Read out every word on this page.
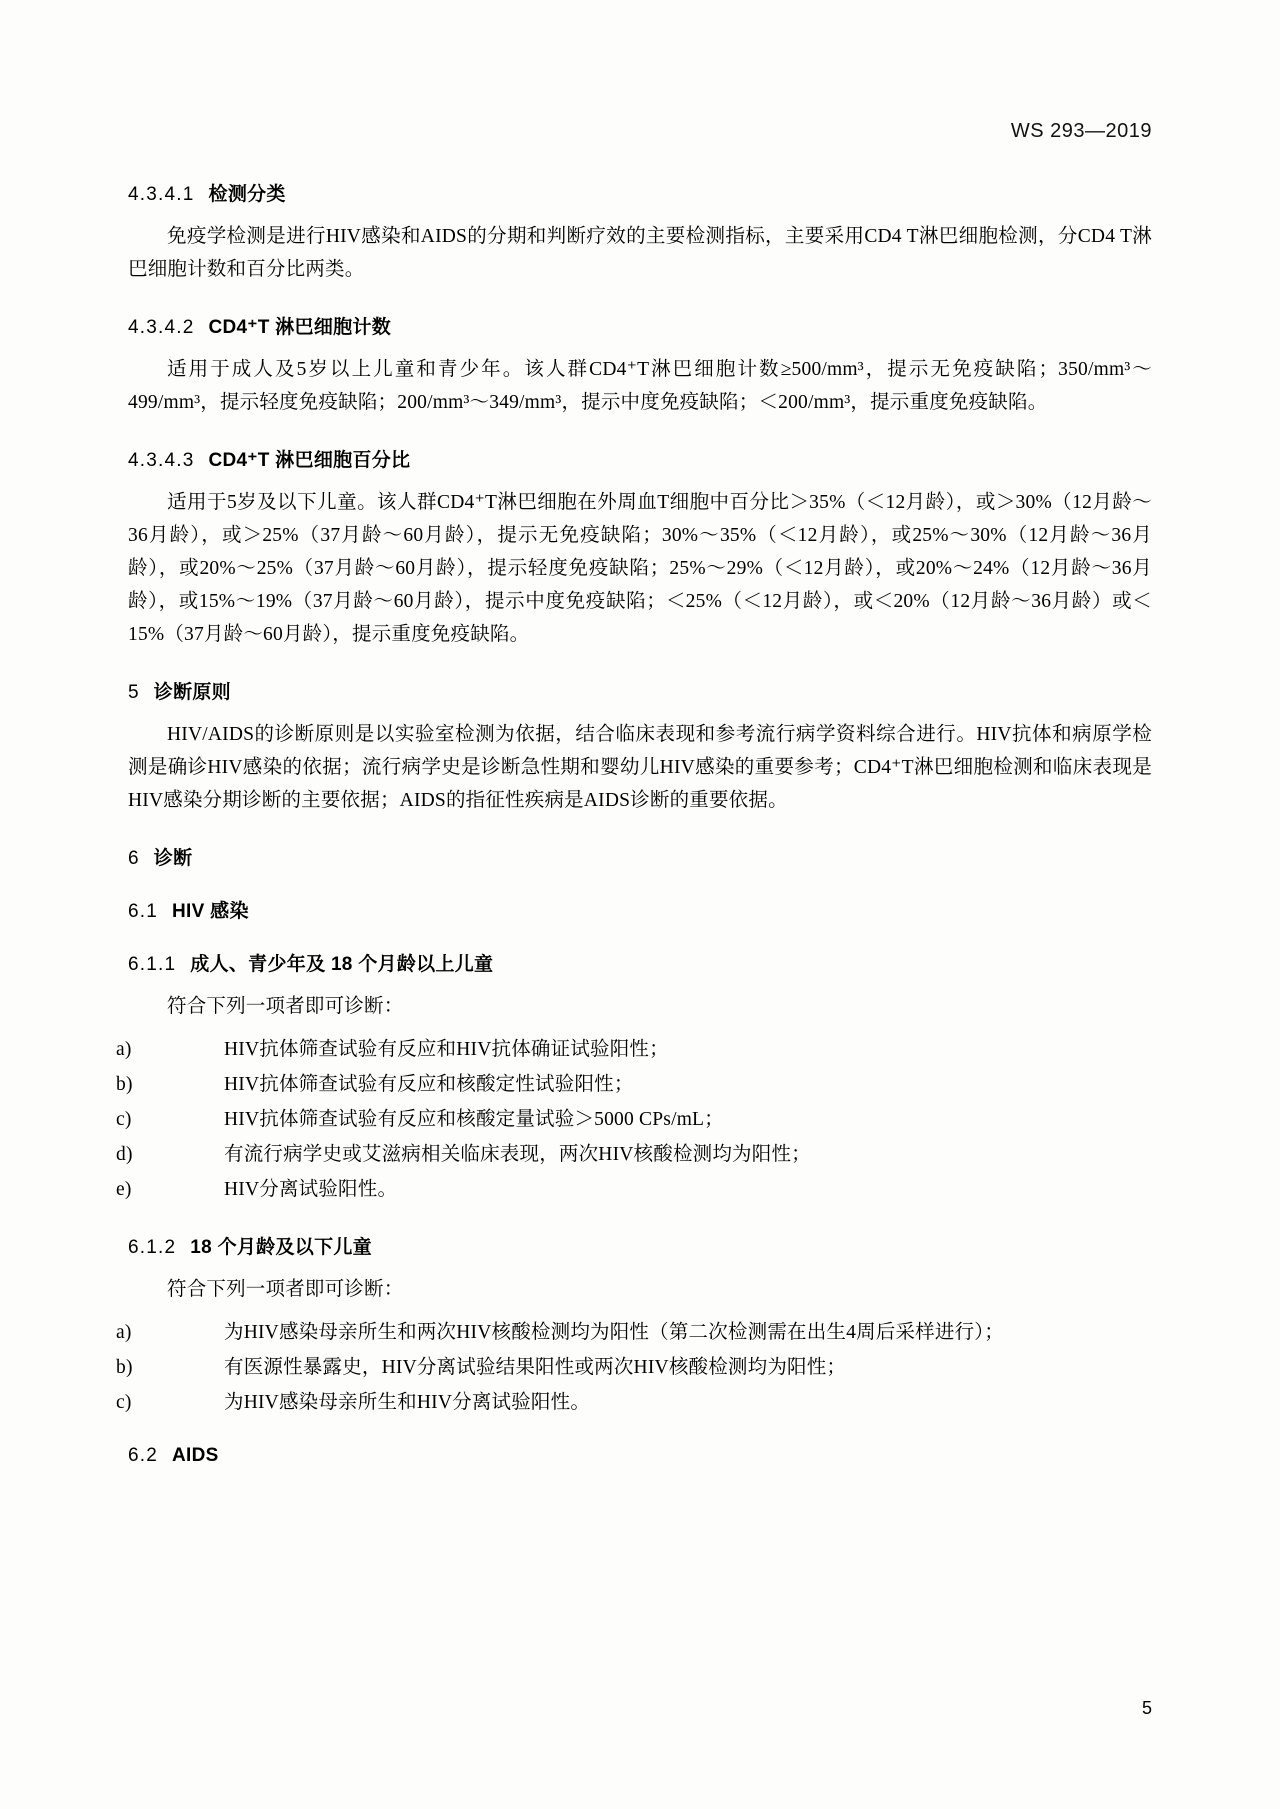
WS 293—2019
4.3.4.1 检测分类

免疫学检测是进行HIV感染和AIDS的分期和判断疗效的主要检测指标，主要采用CD4 T淋巴细胞检测，分CD4 T淋巴细胞计数和百分比两类。

4.3.4.2 CD4⁺T 淋巴细胞计数

适用于成人及5岁以上儿童和青少年。该人群CD4⁺T淋巴细胞计数≥500/mm³，提示无免疫缺陷；350/mm³～499/mm³，提示轻度免疫缺陷；200/mm³～349/mm³，提示中度免疫缺陷；＜200/mm³，提示重度免疫缺陷。

4.3.4.3 CD4⁺T 淋巴细胞百分比

适用于5岁及以下儿童。该人群CD4⁺T淋巴细胞在外周血T细胞中百分比＞35%（＜12月龄），或＞30%（12月龄～36月龄），或＞25%（37月龄～60月龄），提示无免疫缺陷；30%～35%（＜12月龄），或25%～30%（12月龄～36月龄），或20%～25%（37月龄～60月龄），提示轻度免疫缺陷；25%～29%（＜12月龄），或20%～24%（12月龄～36月龄），或15%～19%（37月龄～60月龄），提示中度免疫缺陷；＜25%（＜12月龄），或＜20%（12月龄～36月龄）或＜15%（37月龄～60月龄），提示重度免疫缺陷。

5 诊断原则

HIV/AIDS的诊断原则是以实验室检测为依据，结合临床表现和参考流行病学资料综合进行。HIV抗体和病原学检测是确诊HIV感染的依据；流行病学史是诊断急性期和婴幼儿HIV感染的重要参考；CD4⁺T淋巴细胞检测和临床表现是HIV感染分期诊断的主要依据；AIDS的指征性疾病是AIDS诊断的重要依据。

6 诊断
6.1 HIV 感染
6.1.1 成人、青少年及 18 个月龄以上儿童

符合下列一项者即可诊断：

a)	HIV抗体筛查试验有反应和HIV抗体确证试验阳性；
b)	HIV抗体筛查试验有反应和核酸定性试验阳性；
c)	HIV抗体筛查试验有反应和核酸定量试验＞5000 CPs/mL；
d)	有流行病学史或艾滋病相关临床表现，两次HIV核酸检测均为阳性；
e)	HIV分离试验阳性。
6.1.2 18 个月龄及以下儿童

符合下列一项者即可诊断：

a)	为HIV感染母亲所生和两次HIV核酸检测均为阳性（第二次检测需在出生4周后采样进行）；
b)	有医源性暴露史，HIV分离试验结果阳性或两次HIV核酸检测均为阳性；
c)	为HIV感染母亲所生和HIV分离试验阳性。
6.2 AIDS
5
